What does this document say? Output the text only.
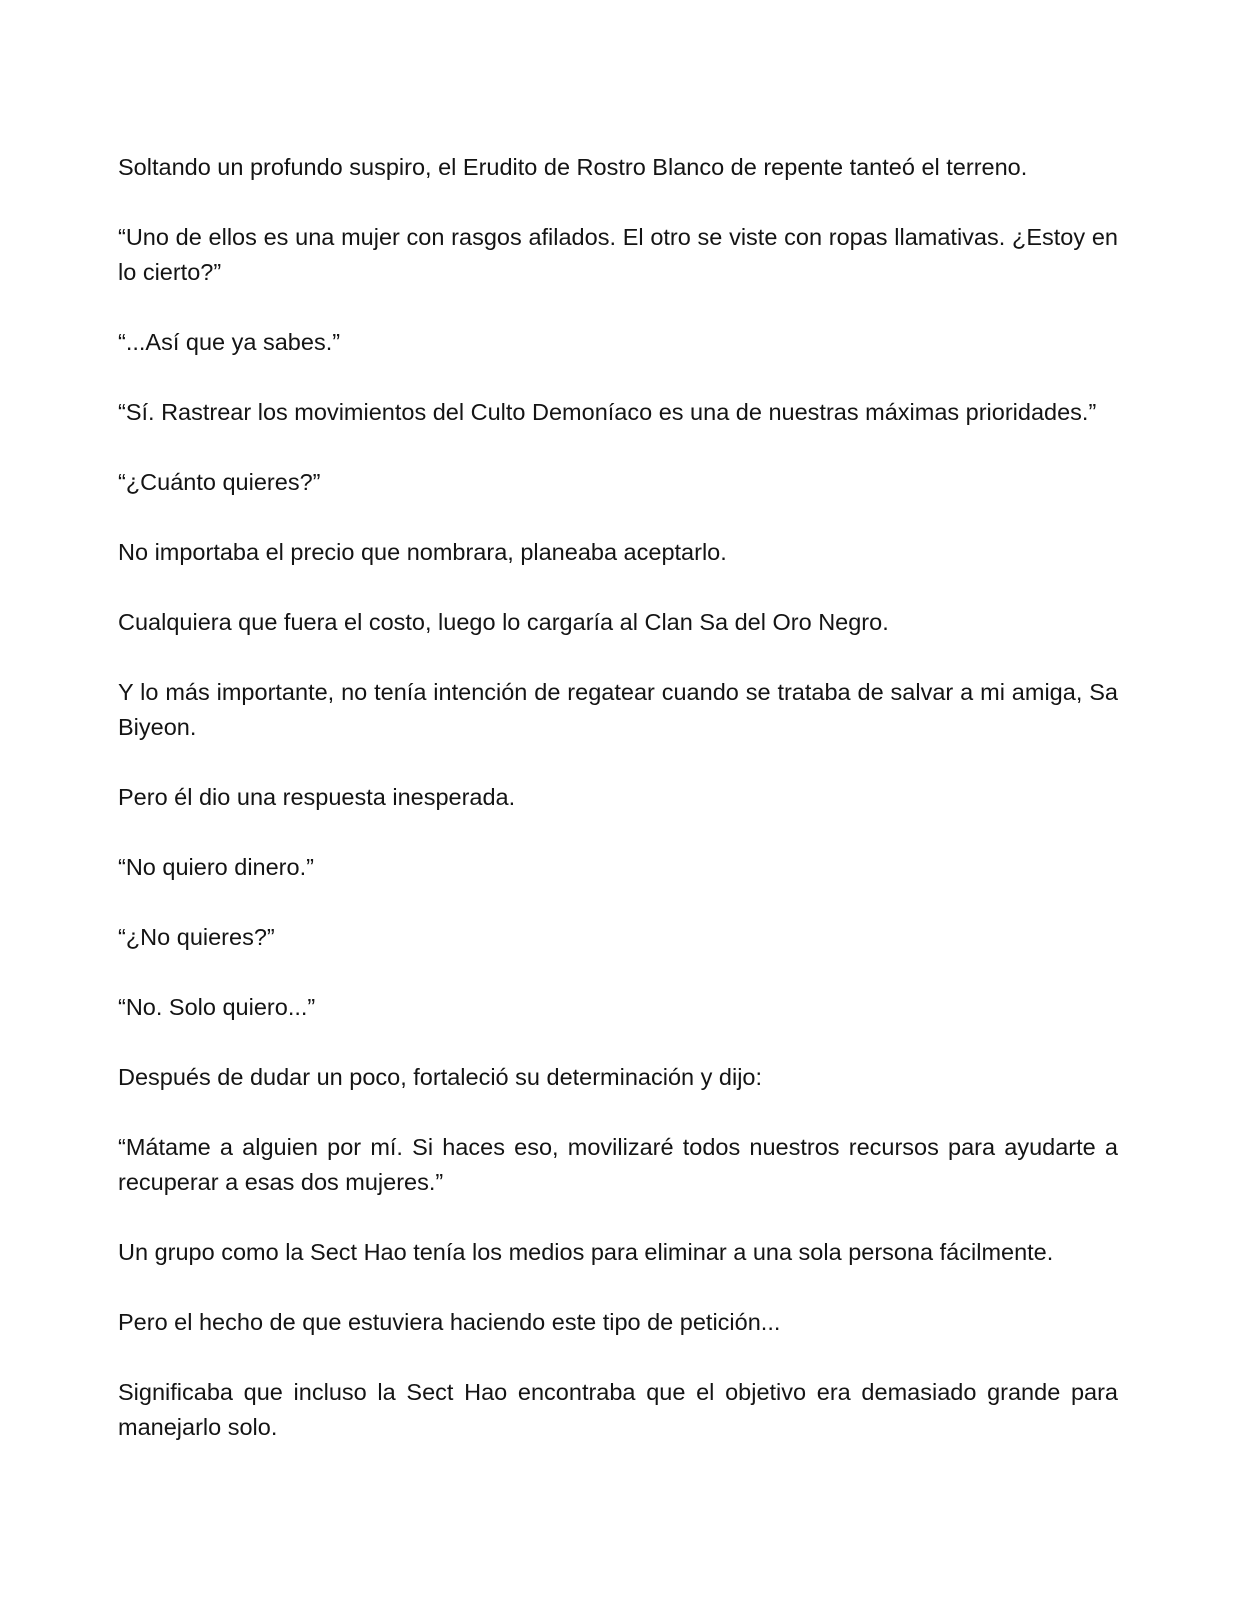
Soltando un profundo suspiro, el Erudito de Rostro Blanco de repente tanteó el terreno.

“Uno de ellos es una mujer con rasgos afilados. El otro se viste con ropas llamativas. ¿Estoy en lo cierto?”

“...Así que ya sabes.”

“Sí. Rastrear los movimientos del Culto Demoníaco es una de nuestras máximas prioridades.”

“¿Cuánto quieres?”

No importaba el precio que nombrara, planeaba aceptarlo.

Cualquiera que fuera el costo, luego lo cargaría al Clan Sa del Oro Negro.

Y lo más importante, no tenía intención de regatear cuando se trataba de salvar a mi amiga, Sa Biyeon.

Pero él dio una respuesta inesperada.

“No quiero dinero.”

“¿No quieres?”

“No. Solo quiero...”

Después de dudar un poco, fortaleció su determinación y dijo:

“Mátame a alguien por mí. Si haces eso, movilizaré todos nuestros recursos para ayudarte a recuperar a esas dos mujeres.”

Un grupo como la Sect Hao tenía los medios para eliminar a una sola persona fácilmente.

Pero el hecho de que estuviera haciendo este tipo de petición...

Significaba que incluso la Sect Hao encontraba que el objetivo era demasiado grande para manejarlo solo.
